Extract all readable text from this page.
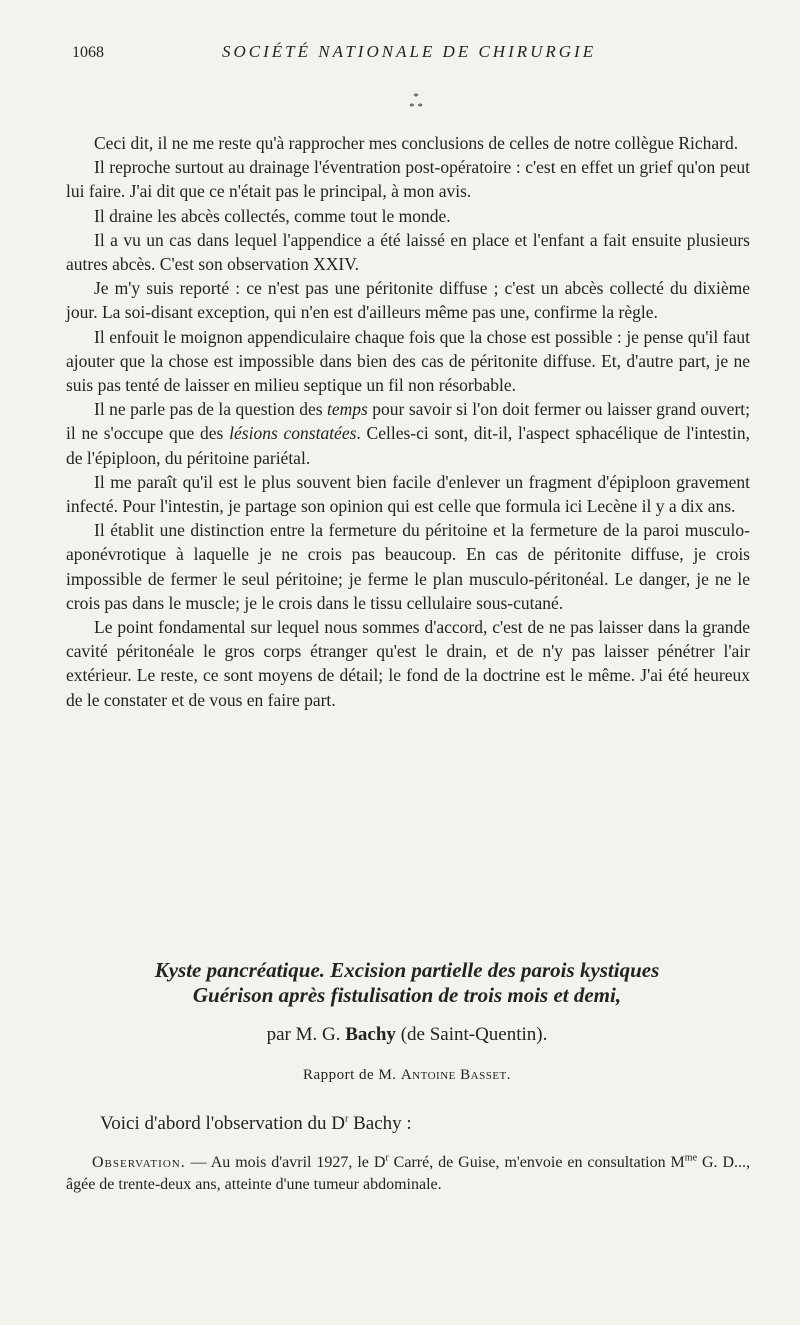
1068	SOCIÉTÉ NATIONALE DE CHIRURGIE
*
* *

Ceci dit, il ne me reste qu'à rapprocher mes conclusions de celles de notre collègue Richard.

Il reproche surtout au drainage l'éventration post-opératoire : c'est en effet un grief qu'on peut lui faire. J'ai dit que ce n'était pas le principal, à mon avis.

Il draine les abcès collectés, comme tout le monde.

Il a vu un cas dans lequel l'appendice a été laissé en place et l'enfant a fait ensuite plusieurs autres abcès. C'est son observation XXIV.

Je m'y suis reporté : ce n'est pas une péritonite diffuse ; c'est un abcès collecté du dixième jour. La soi-disant exception, qui n'en est d'ailleurs même pas une, confirme la règle.

Il enfouit le moignon appendiculaire chaque fois que la chose est possible : je pense qu'il faut ajouter que la chose est impossible dans bien des cas de péritonite diffuse. Et, d'autre part, je ne suis pas tenté de laisser en milieu septique un fil non résorbable.

Il ne parle pas de la question des temps pour savoir si l'on doit fermer ou laisser grand ouvert; il ne s'occupe que des lésions constatées. Celles-ci sont, dit-il, l'aspect sphacélique de l'intestin, de l'épiploon, du péritoine pariétal.

Il me paraît qu'il est le plus souvent bien facile d'enlever un fragment d'épiploon gravement infecté. Pour l'intestin, je partage son opinion qui est celle que formula ici Lecène il y a dix ans.

Il établit une distinction entre la fermeture du péritoine et la fermeture de la paroi musculo-aponévrotique à laquelle je ne crois pas beaucoup. En cas de péritonite diffuse, je crois impossible de fermer le seul péritoine; je ferme le plan musculo-péritonéal. Le danger, je ne le crois pas dans le muscle; je le crois dans le tissu cellulaire sous-cutané.

Le point fondamental sur lequel nous sommes d'accord, c'est de ne pas laisser dans la grande cavité péritonéale le gros corps étranger qu'est le drain, et de n'y pas laisser pénétrer l'air extérieur. Le reste, ce sont moyens de détail; le fond de la doctrine est le même. J'ai été heureux de le constater et de vous en faire part.

Kyste pancréatique. Excision partielle des parois kystiques
Guérison après fistulisation de trois mois et demi,
par M. G. Bachy (de Saint-Quentin).
Rapport de M. Antoine Basset.
Voici d'abord l'observation du $D^r$ Bachy :
Observation. — Au mois d'avril 1927, le $D^r$ Carré, de Guise, m'envoie en consultation $M^{me}$ G. D..., âgée de trente-deux ans, atteinte d'une tumeur abdominale.
